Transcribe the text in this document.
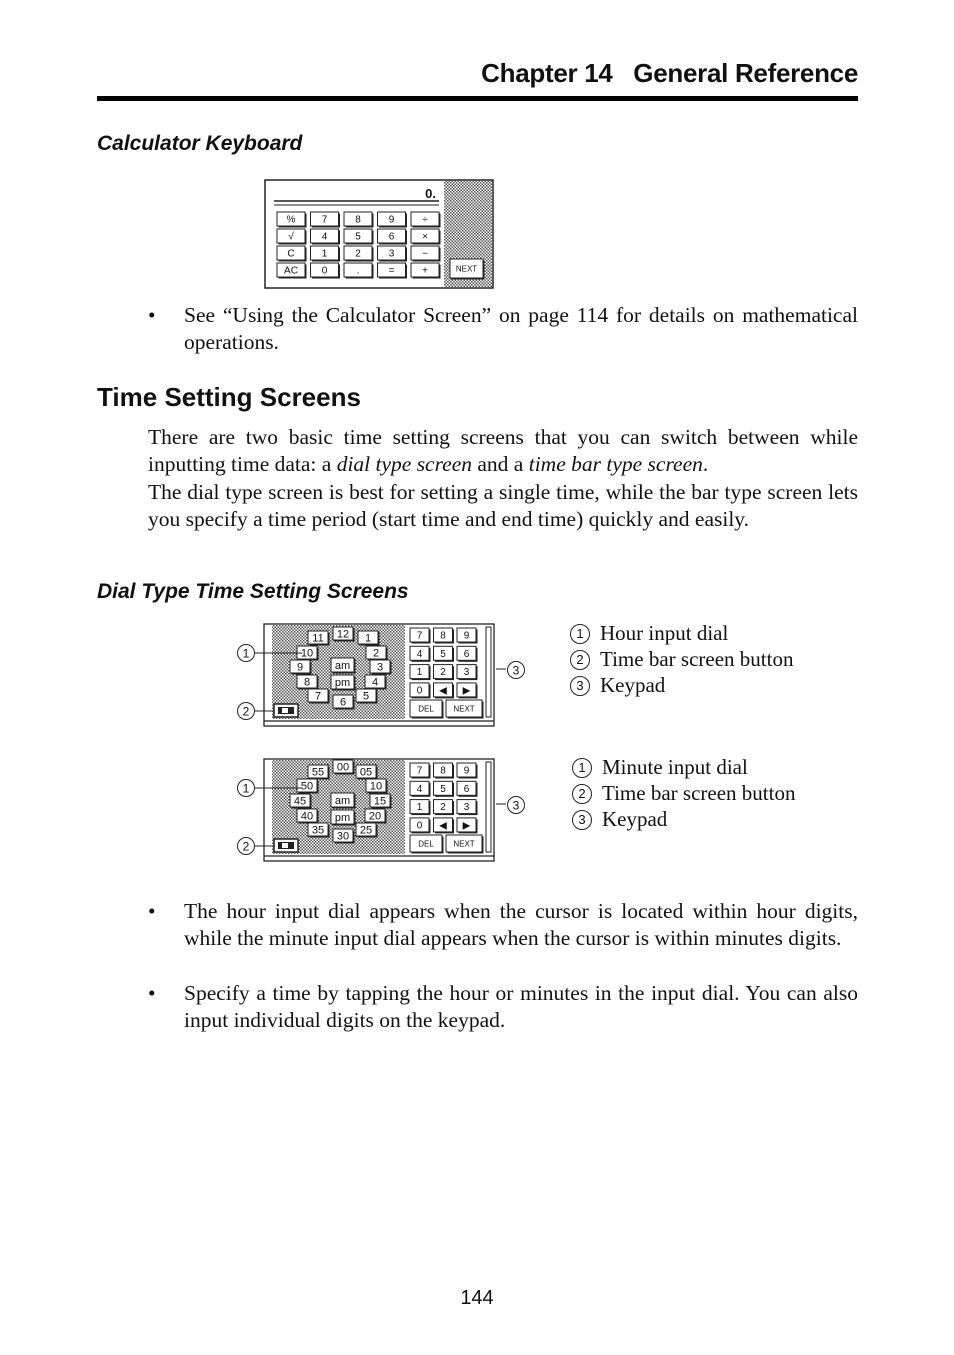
Chapter 14   General Reference
Calculator Keyboard
0.
%	7	8	9	÷
√	4	5	6	×
C	1	2	3	−
AC 0	.	=	+	NEXT
• See “Using the Calculator Screen” on page 114 for details on mathematical operations.
Time Setting Screens
There are two basic time setting screens that you can switch between while inputting time data: a dial type screen and a time bar type screen.
The dial type screen is best for setting a single time, while the bar type screen lets you specify a time period (start time and end time) quickly and easily.
Dial Type Time Setting Screens
12 1
2
3
4
5
6
7
8
9
10
11
am
pm
7 8 9
4 5 6
1 2 3
0 ◀ ▶
DEL NEXT
1
2
3
00 05
10
15
20
25
30
35
40
45
50
55
am
pm
7 8 9
4 5 6
1 2 3
0 ◀ ▶
DEL NEXT
1
2
3
1 Hour input dial
2 Time bar screen button
3 Keypad
1 Minute input dial
2 Time bar screen button
3 Keypad
• The hour input dial appears when the cursor is located within hour digits, while the minute input dial appears when the cursor is within minutes digits.
• Specify a time by tapping the hour or minutes in the input dial. You can also input individual digits on the keypad.
144
